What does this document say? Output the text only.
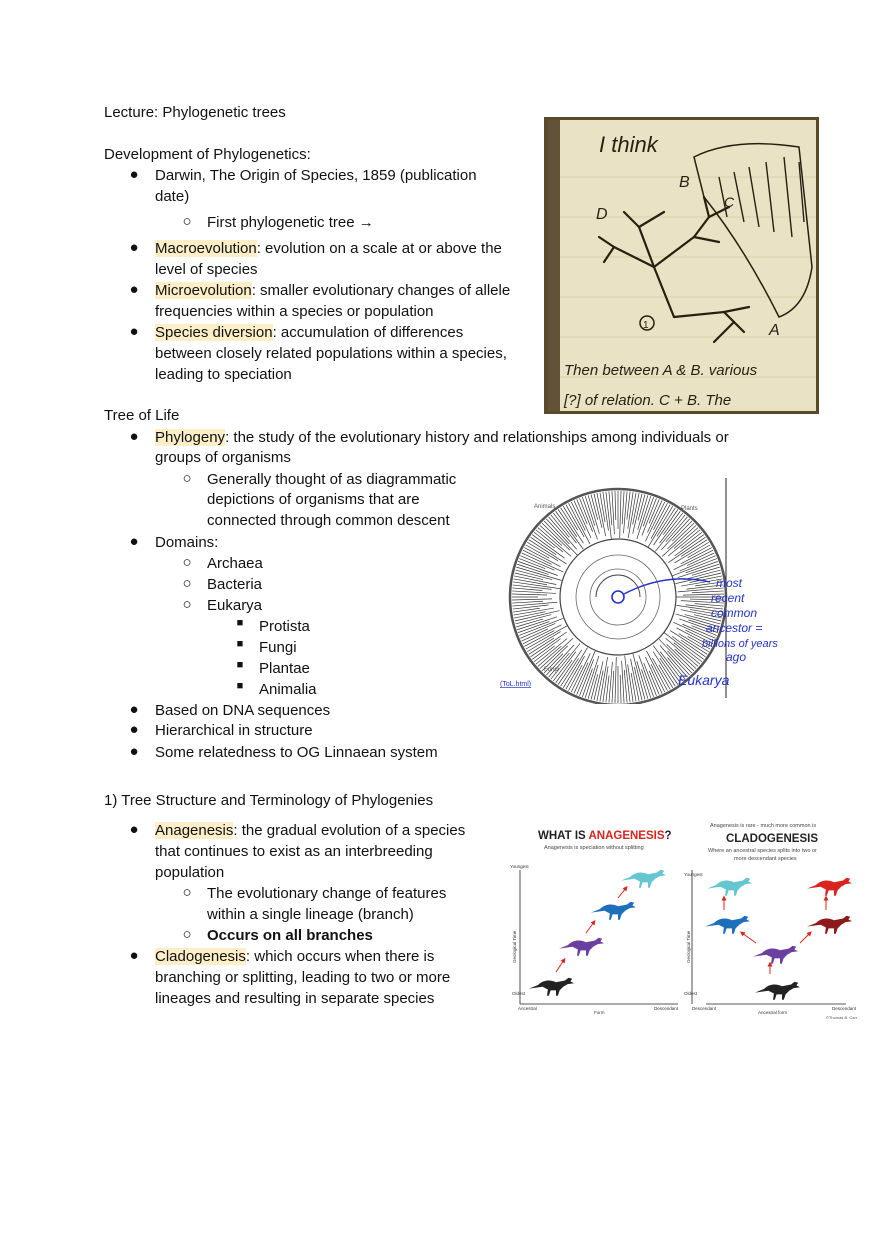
Lecture: Phylogenetic trees
Development of Phylogenetics:
● Darwin, The Origin of Species, 1859 (publication
date)
○ First phylogenetic tree →
● Macroevolution: evolution on a scale at or above the
level of species
● Microevolution: smaller evolutionary changes of allele
frequencies within a species or population
● Species diversion: accumulation of differences
between closely related populations within a species,
leading to speciation
I think
B
D
C
A
1
Then between A & B. various
[?] of relation. C + B. The
Tree of Life
● Phylogeny: the study of the evolutionary history and relationships among individuals or
groups of organisms
○ Generally thought of as diagrammatic
depictions of organisms that are
connected through common descent
● Domains:
○ Archaea
○ Bacteria
○ Eukarya
■	Protista
■	Fungi
■	Plantae
■	Animalia
● Based on DNA sequences
● Hierarchical in structure
● Some relatedness to OG Linnaean system
Animals	Plants
Fungi
(ToL.html)
most
recent
common
ancestor =
billions of years
ago
Eukarya
1) Tree Structure and Terminology of Phylogenies
● Anagenesis: the gradual evolution of a species
that continues to exist as an interbreeding
population
○ The evolutionary change of features
within a single lineage (branch)
○ Occurs on all branches
● Cladogenesis: which occurs when there is
branching or splitting, leading to two or more
lineages and resulting in separate species
WHAT IS ANAGENESIS?
Anagenesis is speciation without splitting
Youngest
Oldest
Geological Time
Ancestral	Descendant
Form
Anagenesis is rare - much more common is
CLADOGENESIS
Where an ancestral species splits into two or
more descendant species
Youngest
Oldest
Geological Time
Descendant	Descendant
Ancestral form
©Thomas B. Carr
